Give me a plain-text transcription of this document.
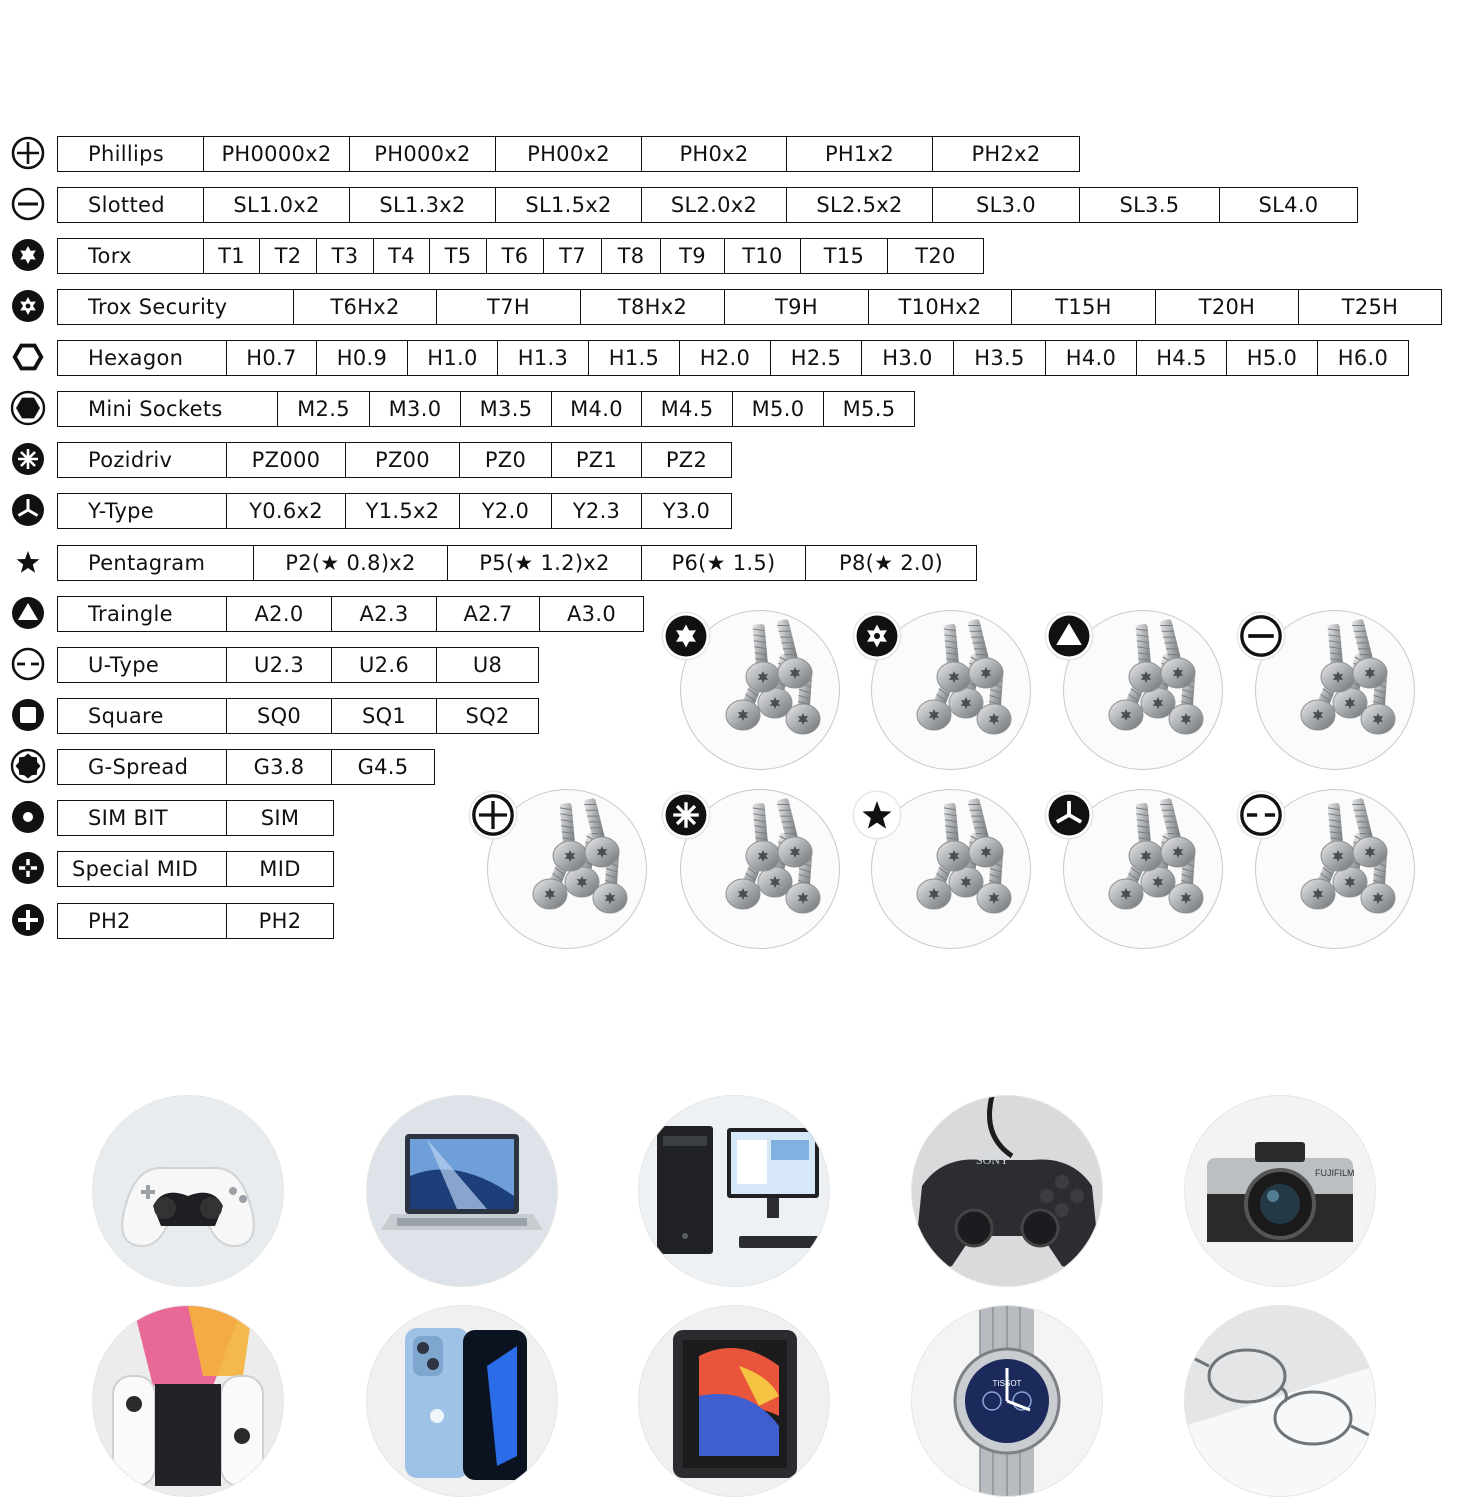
Phillips	PH0000x2	PH000x2	PH00x2	PH0x2	PH1x2	PH2x2
Slotted	SL1.0x2	SL1.3x2	SL1.5x2	SL2.0x2	SL2.5x2	SL3.0	SL3.5	SL4.0
Torx	T1	T2	T3	T4	T5	T6	T7	T8	T9	T10	T15	T20
Trox Security	T6Hx2	T7H	T8Hx2	T9H	T10Hx2	T15H	T20H	T25H
Hexagon	H0.7	H0.9	H1.0	H1.3	H1.5	H2.0	H2.5	H3.0	H3.5	H4.0	H4.5	H5.0	H6.0
Mini Sockets	M2.5	M3.0	M3.5	M4.0	M4.5	M5.0	M5.5
Pozidriv	PZ000	PZ00	PZ0	PZ1	PZ2
Y-Type	Y0.6x2	Y1.5x2	Y2.0	Y2.3	Y3.0
Pentagram	P2(★ 0.8)x2	P5(★ 1.2)x2	P6(★ 1.5)	P8(★ 2.0)
Traingle	A2.0	A2.3	A2.7	A3.0
U-Type	U2.3	U2.6	U8
Square	SQ0	SQ1	SQ2
G-Spread	G3.8	G4.5
SIM BIT	SIM
Special MID	MID
PH2	PH2
SONY
FUJIFILM
TISSOT
